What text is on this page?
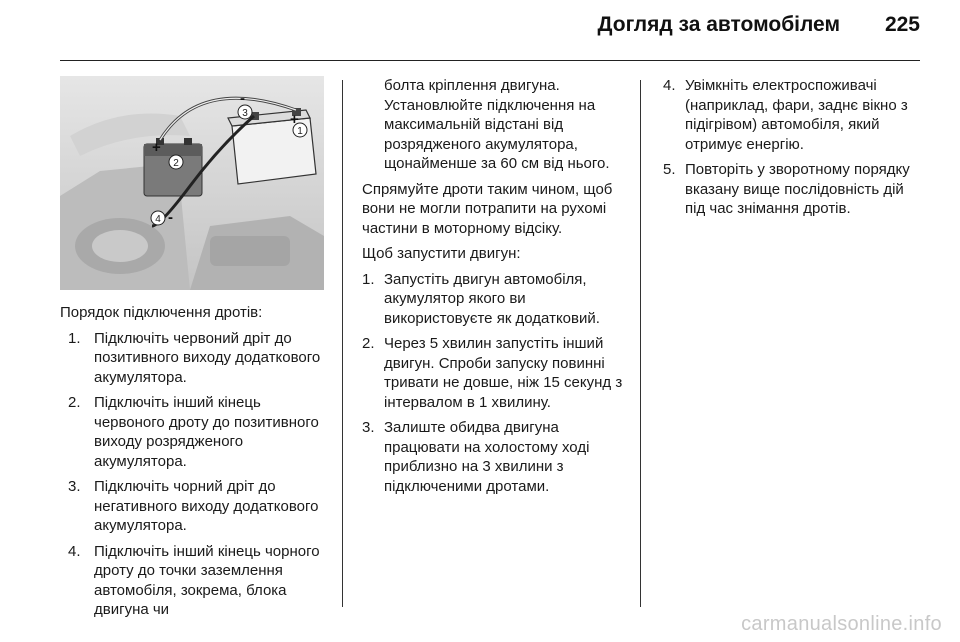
Догляд за автомобілем 225
1
2
3
4
+
+
-
-

Порядок підключення дротів:

1. Підключіть червоний дріт до позитивного виходу додаткового акумулятора.
2. Підключіть інший кінець червоного дроту до позитивного виходу розрядженого акумулятора.
3. Підключіть чорний дріт до негативного виходу додаткового акумулятора.
4. Підключіть інший кінець чорного дроту до точки заземлення автомобіля, зокрема, блока двигуна чи

болта кріплення двигуна. Установлюйте підключення на максимальній відстані від розрядженого акумулятора, щонайменше за 60 см від нього.

Спрямуйте дроти таким чином, щоб вони не могли потрапити на рухомі частини в моторному відсіку.

Щоб запустити двигун:

1. Запустіть двигун автомобіля, акумулятор якого ви використовуєте як додатковий.
2. Через 5 хвилин запустіть інший двигун. Спроби запуску повинні тривати не довше, ніж 15 секунд з інтервалом в 1 хвилину.
3. Залиште обидва двигуна працювати на холостому ході приблизно на 3 хвилини з підключеними дротами.
4. Увімкніть електроспоживачі (наприклад, фари, заднє вікно з підігрівом) автомобіля, який отримує енергію.
5. Повторіть у зворотному порядку вказану вище послідовність дій під час знімання дротів.
carmanualsonline.info
